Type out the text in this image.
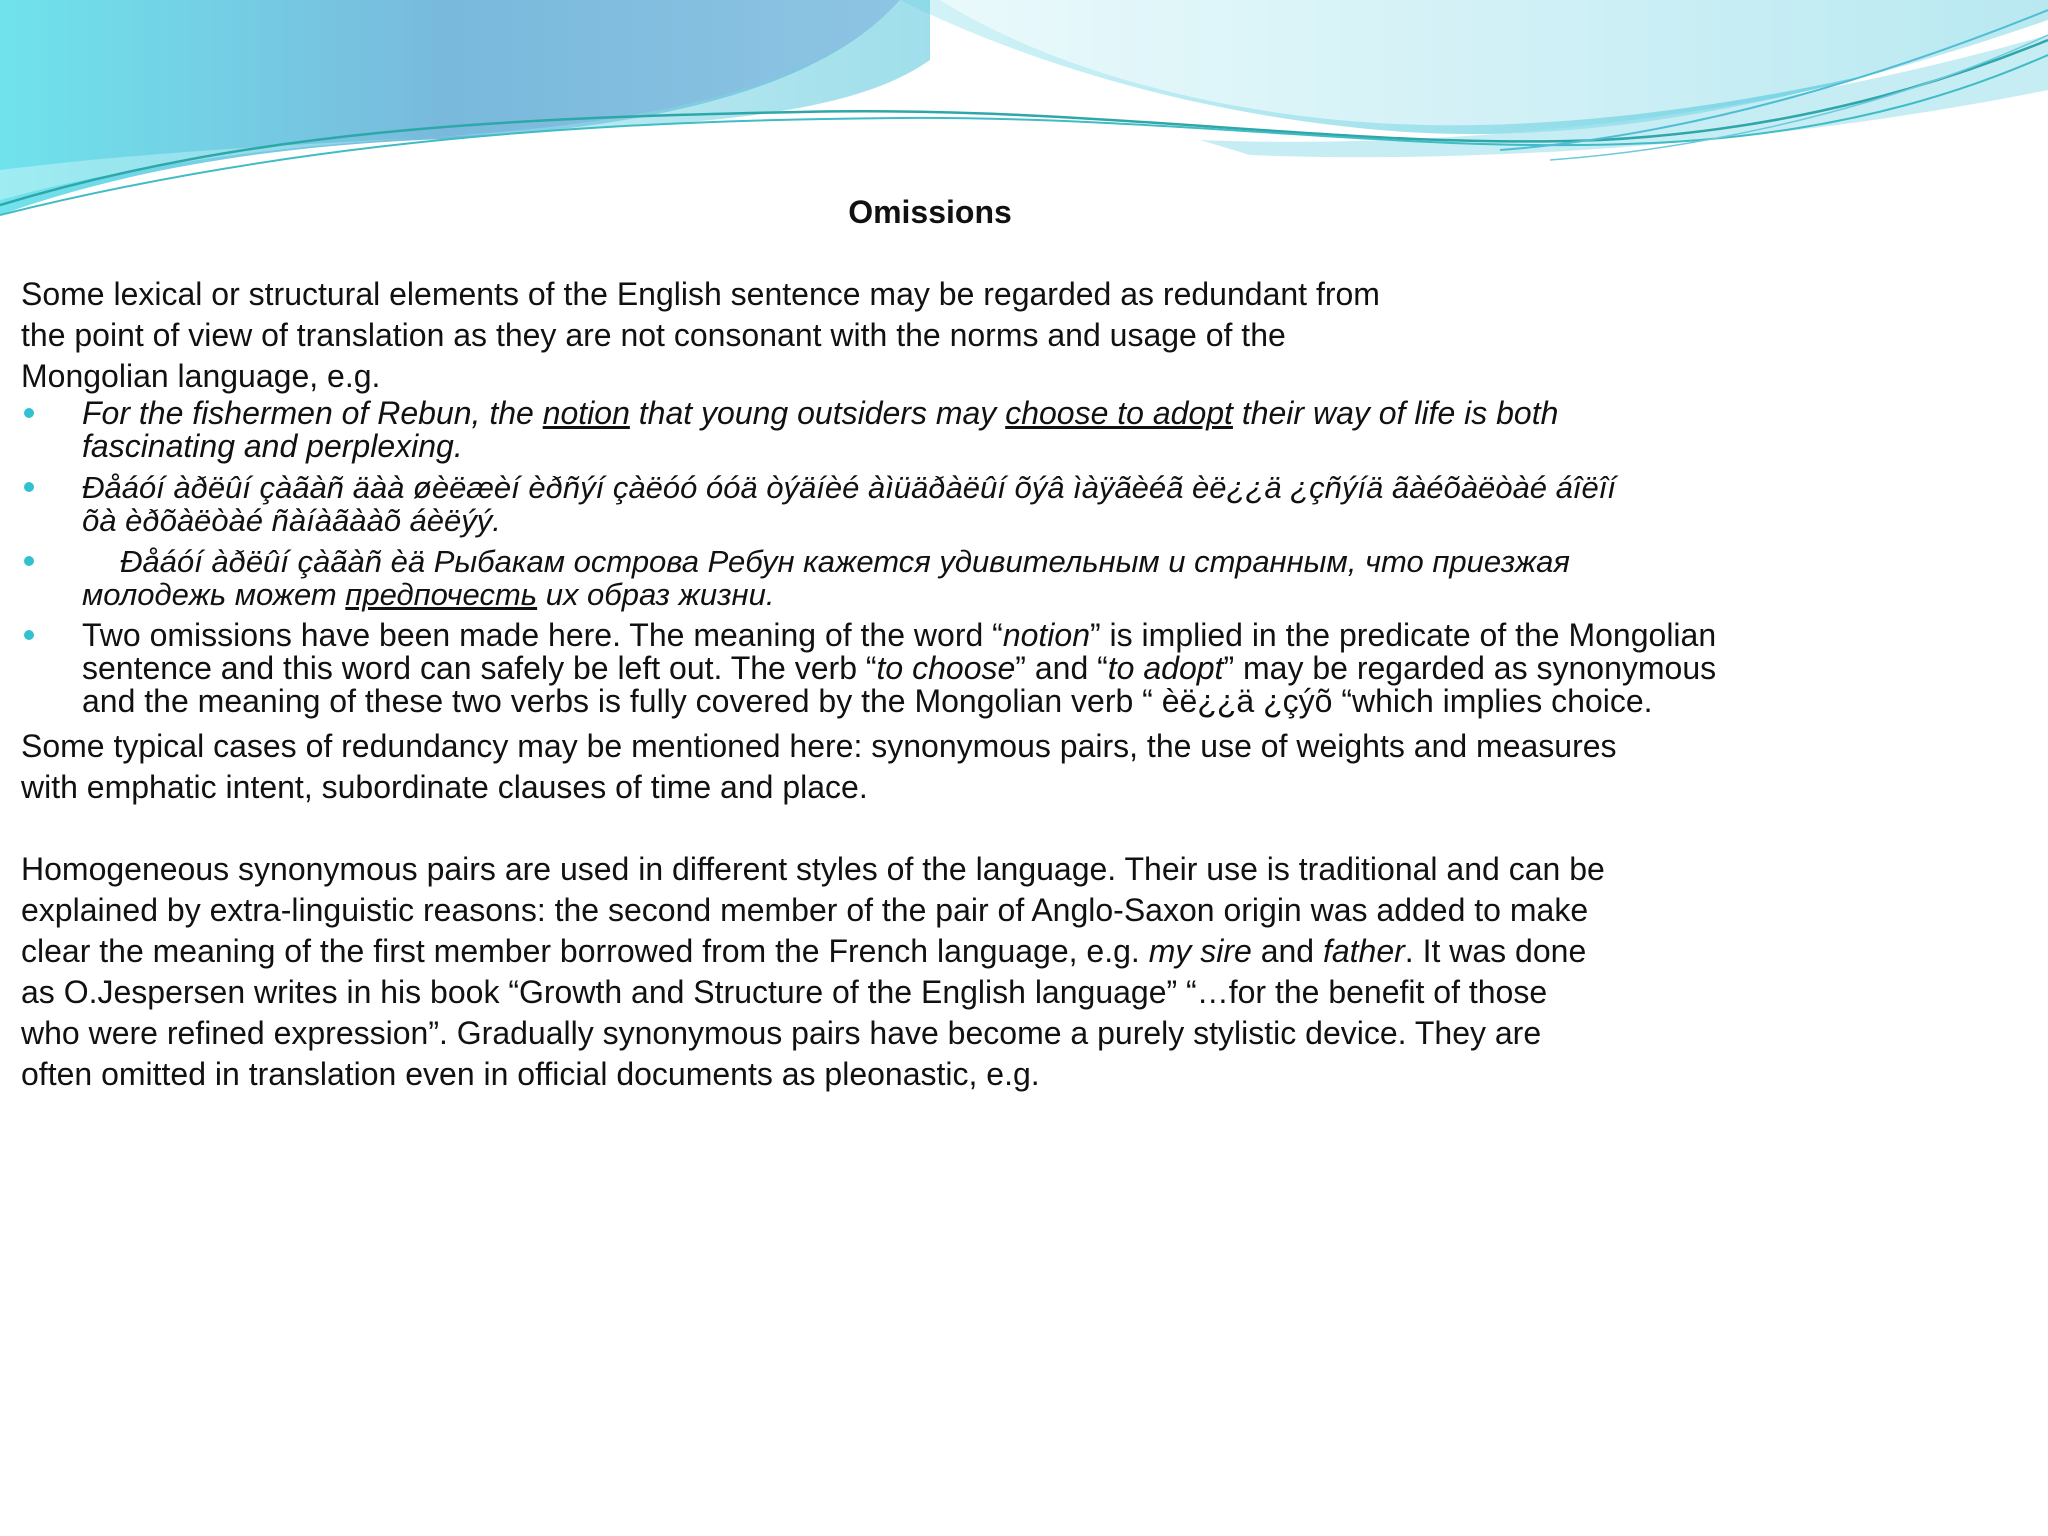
Omissions

Some lexical or structural elements of the English sentence may be regarded as redundant from
the point of view of translation as they are not consonant with the norms and usage of the
Mongolian language, e.g.

For the fishermen of Rebun, the notion that young outsiders may choose to adopt their way of life is both
fascinating and perplexing.
Ðåáóí àðëûí çàãàñ äàà øèëæèí èðñýí çàëóó óóä òýäíèé àìüäðàëûí õýâ ìàÿãèéã èë¿¿ä ¿çñýíä ãàéõàëòàé áîëîí
õà èðõàëòàé ñàíàãààõ áèëýý.
Ðåáóí àðëûí çàãàñ èä Рыбакам острова Ребун кажется удивительным и странным, что приезжая
молодежь может предпочесть их образ жизни.
Two omissions have been made here. The meaning of the word “notion” is implied in the predicate of the Mongolian
sentence and this word can safely be left out. The verb “to choose” and “to adopt” may be regarded as synonymous
and the meaning of these two verbs is fully covered by the Mongolian verb “ èë¿¿ä ¿çýõ “which implies choice.

Some typical cases of redundancy may be mentioned here: synonymous pairs, the use of weights and measures
with emphatic intent, subordinate clauses of time and place.

Homogeneous synonymous pairs are used in different styles of the language. Their use is traditional and can be
explained by extra-linguistic reasons: the second member of the pair of Anglo-Saxon origin was added to make
clear the meaning of the first member borrowed from the French language, e.g. my sire and father. It was done
as O.Jespersen writes in his book “Growth and Structure of the English language” “…for the benefit of those
who were refined expression”. Gradually synonymous pairs have become a purely stylistic device. They are
often omitted in translation even in official documents as pleonastic, e.g.
